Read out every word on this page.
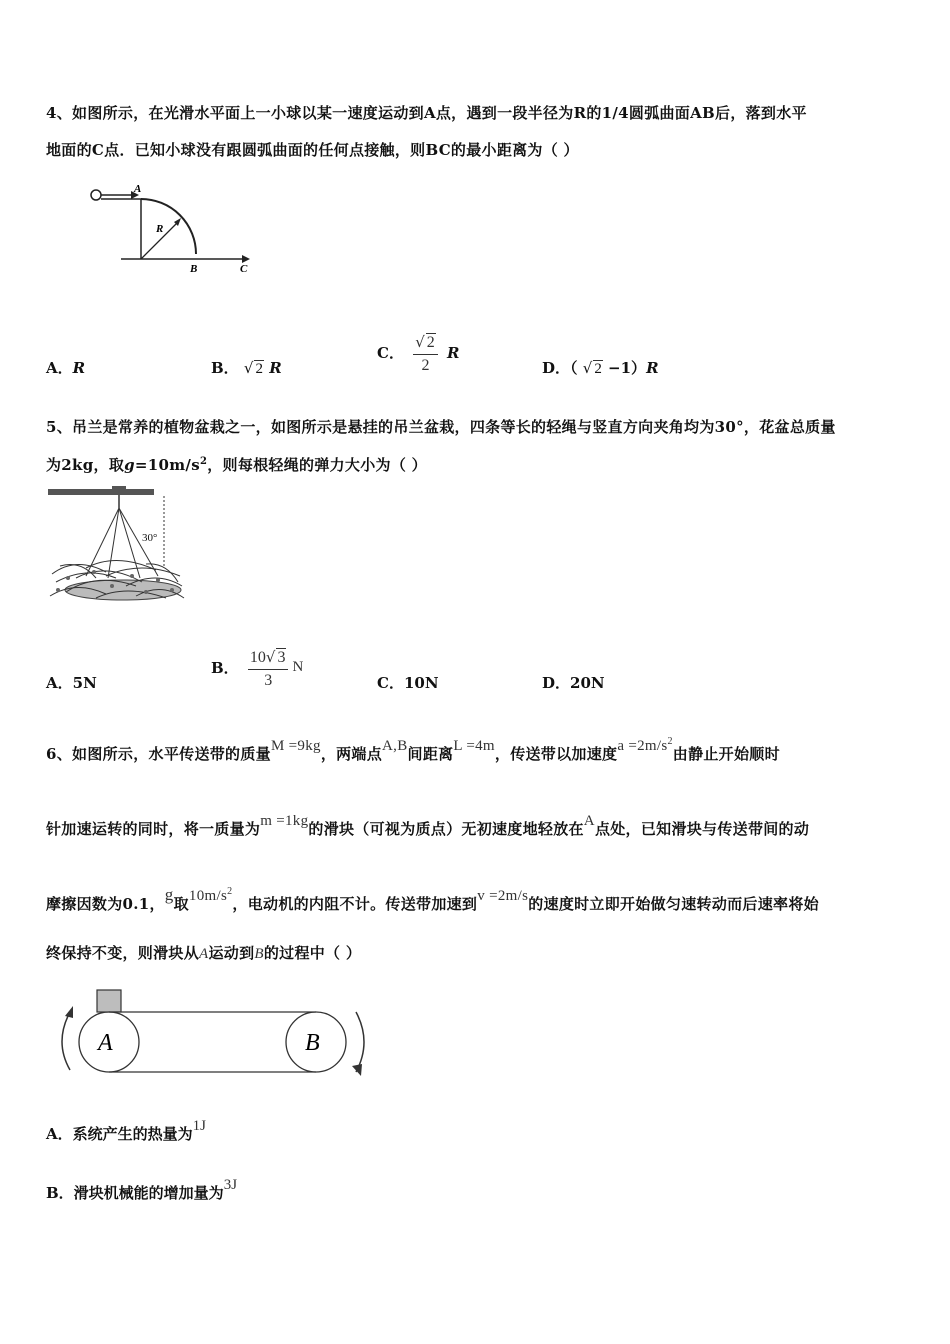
4、如图所示，在光滑水平面上一小球以某一速度运动到A点，遇到一段半径为R的1/4圆弧曲面AB后，落到水平
地面的C点．已知小球没有跟圆弧曲面的任何点接触，则BC的最小距离为（ ）
A
R
B	C
A．R	B． √ 2 R
C． $\frac{√ 2}{2}$ R
D．（ √ 2 −1）R
5、吊兰是常养的植物盆栽之一，如图所示是悬挂的吊兰盆栽，四条等长的轻绳与竖直方向夹角均为30°，花盆总质量
为2kg，取$g=10m/s^2$，则每根轻绳的弹力大小为（ ）
30°
A．5N
B． $\frac{10√ 3}{3}$ N
C．10N	D．20N
6、如图所示，水平传送带的质量M =9kg，两端点A,B间距离L =4m，传送带以加速度$a =2m/s^2$由静止开始顺时
针加速运转的同时，将一质量为m =1kg的滑块（可视为质点）无初速度地轻放在A点处，已知滑块与传送带间的动
摩擦因数为0.1，g取$10m/s^2$，电动机的内阻不计。传送带加速到v =2m/s的速度时立即开始做匀速转动而后速率将始
终保持不变，则滑块从A运动到B的过程中（ ）
A	B
A．系统产生的热量为1J
B．滑块机械能的增加量为3J
